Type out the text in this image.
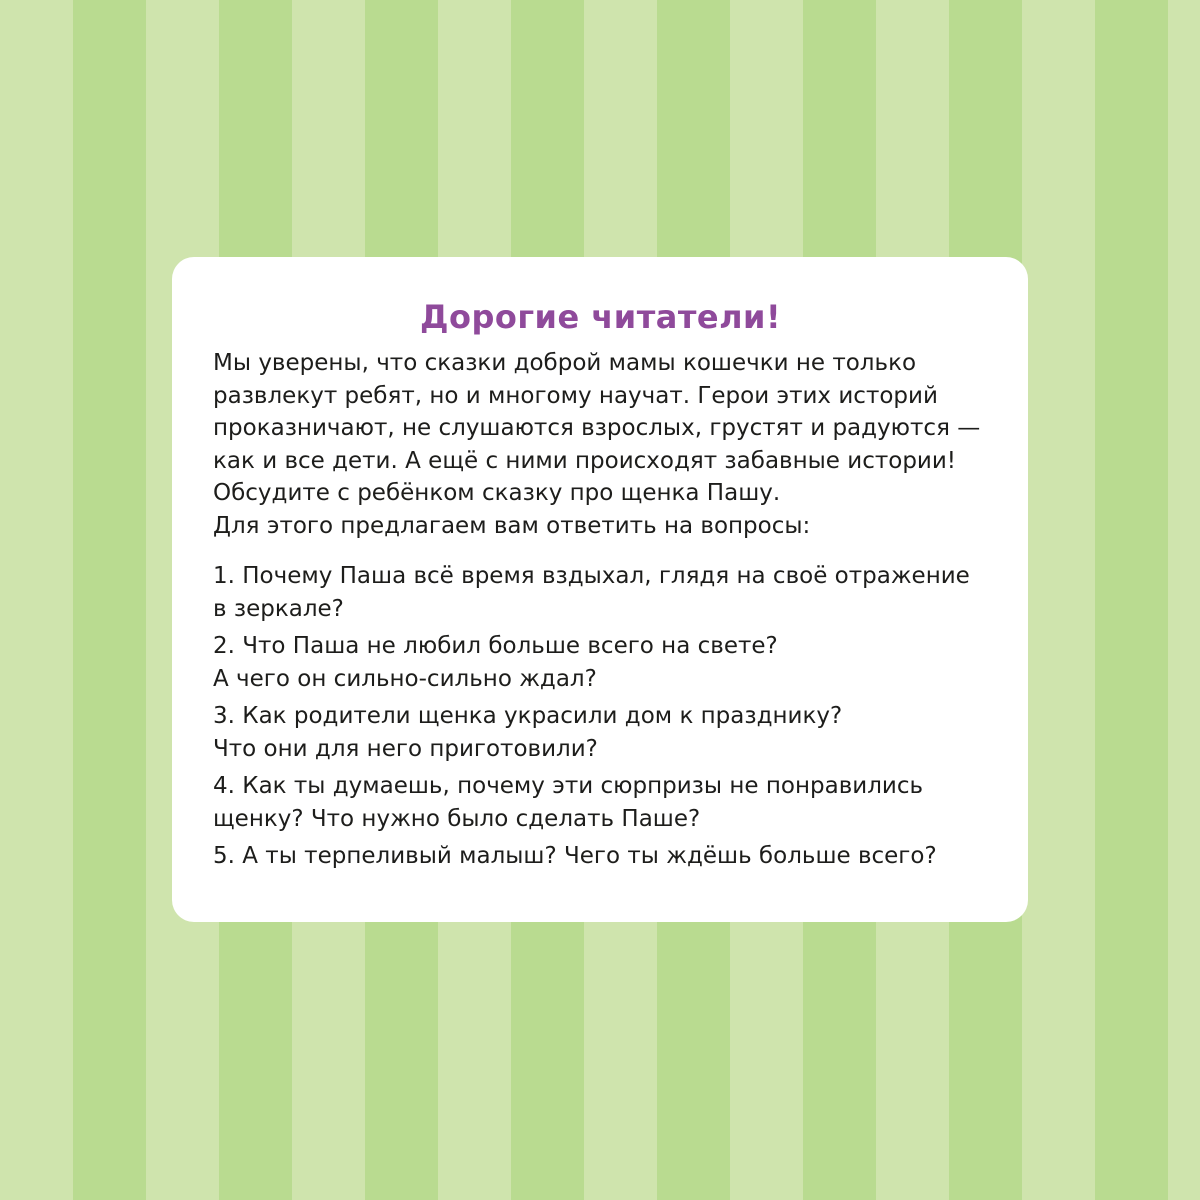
Дорогие читатели!

Мы уверены, что сказки доброй мамы кошечки не только
развлекут ребят, но и многому научат. Герои этих историй
проказничают, не слушаются взрослых, грустят и радуются —
как и все дети. А ещё с ними происходят забавные истории!
Обсудите с ребёнком сказку про щенка Пашу.
Для этого предлагаем вам ответить на вопросы:

1. Почему Паша всё время вздыхал, глядя на своё отражение
в зеркале?
2. Что Паша не любил больше всего на свете?
А чего он сильно-сильно ждал?
3. Как родители щенка украсили дом к празднику?
Что они для него приготовили?
4. Как ты думаешь, почему эти сюрпризы не понравились
щенку? Что нужно было сделать Паше?
5. А ты терпеливый малыш? Чего ты ждёшь больше всего?
